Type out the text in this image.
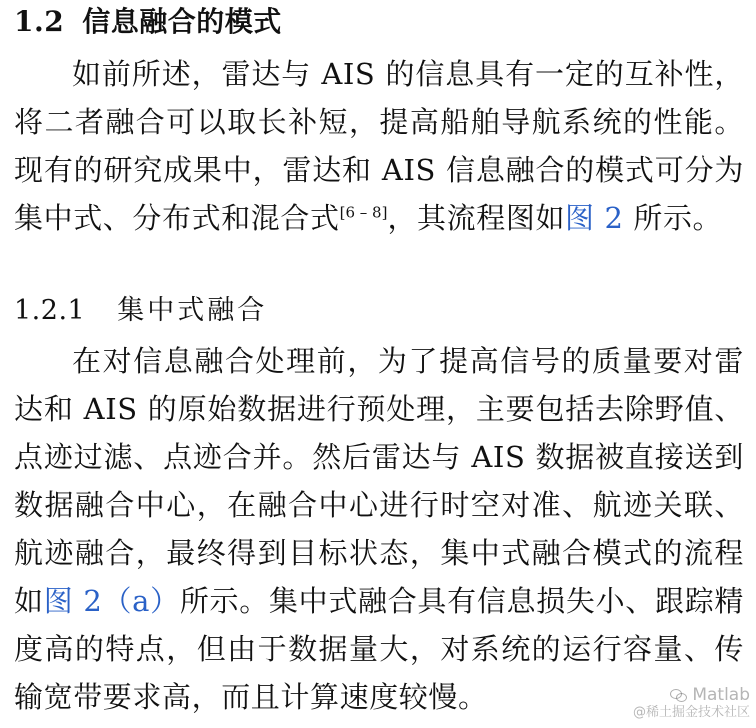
1.2 信息融合的模式

如前所述，雷达与 AIS 的信息具有一定的互补性，将二者融合可以取长补短，提高船舶导航系统的性能。现有的研究成果中，雷达和 AIS 信息融合的模式可分为集中式、分布式和混合式[6 – 8]，其流程图如图 2 所示。

1.2.1 集中式融合

在对信息融合处理前，为了提高信号的质量要对雷达和 AIS 的原始数据进行预处理，主要包括去除野值、点迹过滤、点迹合并。然后雷达与 AIS 数据被直接送到数据融合中心，在融合中心进行时空对准、航迹关联、航迹融合，最终得到目标状态，集中式融合模式的流程如图 2（a）所示。集中式融合具有信息损失小、跟踪精度高的特点，但由于数据量大，对系统的运行容量、传输宽带要求高，而且计算速度较慢。	Matlab
@稀土掘金技术社区
